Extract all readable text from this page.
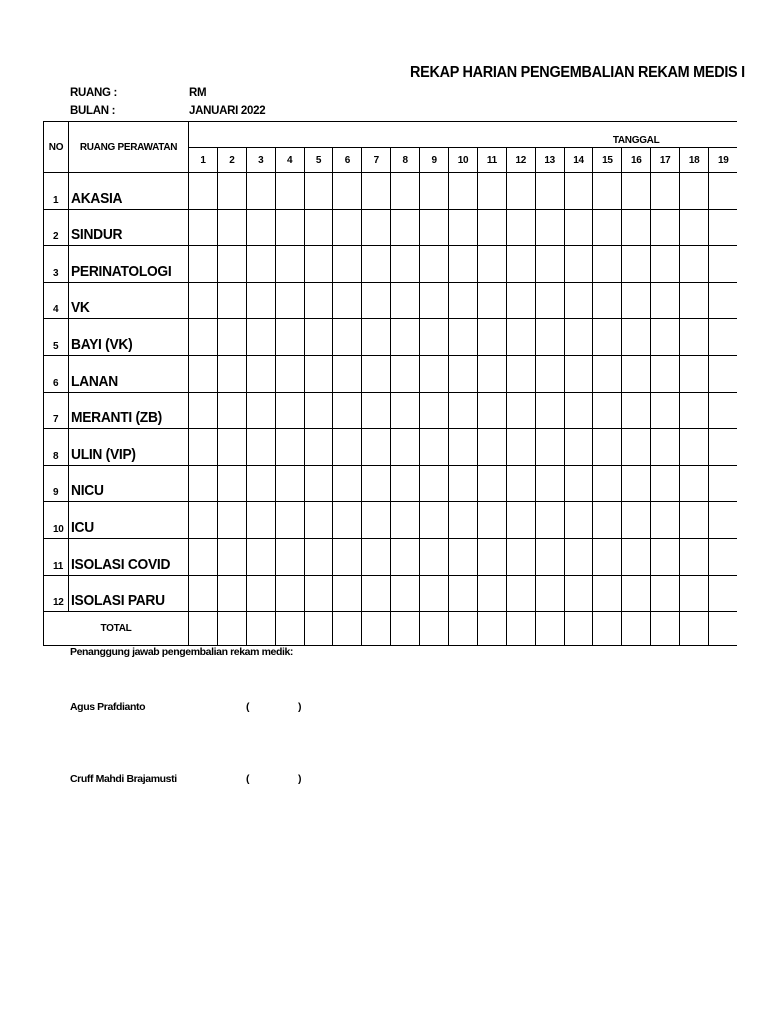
REKAP HARIAN PENGEMBALIAN REKAM MEDIS I
RUANG :	RM
BULAN :	JANUARI 2022
NO	RUANG PERAWATAN	TANGGAL																		
		1	2	3	4	5	6	7	8	9	10	11	12	13	14	15	16	17	18	19

1	AKASIA																			

2	SINDUR																			

3	PERINATOLOGI																			

4	VK																			

5	BAYI (VK)																			

6	LANAN																			

7	MERANTI (ZB)																			

8	ULIN (VIP)																			

9	NICU																			

10	ICU																			

11	ISOLASI COVID																			

12	ISOLASI PARU																			
TOTAL																				
Penanggung jawab pengembalian rekam medik:
Agus Prafdianto	(	)
Cruff Mahdi Brajamusti	(	)
